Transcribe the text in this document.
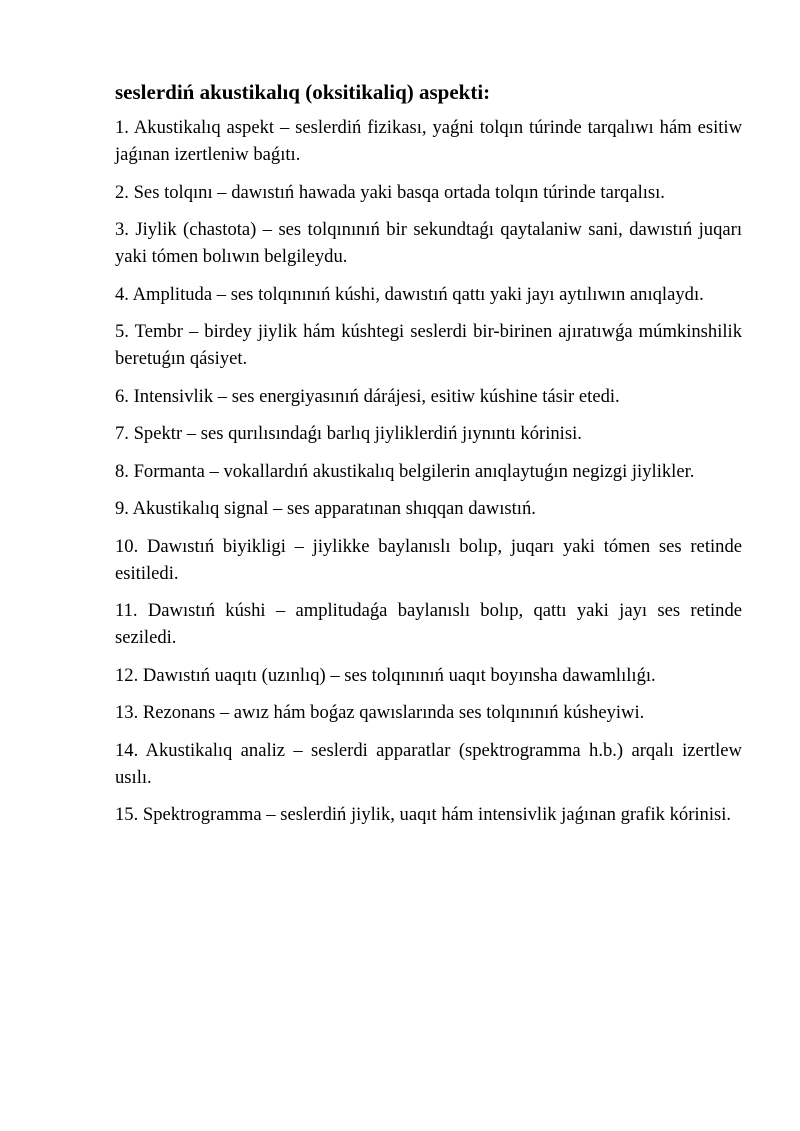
seslerdiń akustikalıq (oksitikaliq) aspekti:
1. Akustikalıq aspekt – seslerdiń fizikası, yaǵni tolqın túrinde tarqalıwı hám esitiw jaǵınan izertleniw baǵıtı.
2. Ses tolqını – dawıstıń hawada yaki basqa ortada tolqın túrinde tarqalısı.
3. Jiylik (chastota) – ses tolqınınıń bir sekundtaǵı qaytalaniw sani, dawıstıń juqarı yaki tómen bolıwın belgileydu.
4. Amplituda – ses tolqınınıń kúshi, dawıstıń qattı yaki jayı aytılıwın anıqlaydı.
5. Tembr – birdey jiylik hám kúshtegi seslerdi bir-birinen ajıratıwǵa múmkinshilik beretuǵın qásiyet.
6. Intensivlik – ses energiyasınıń dárájesi, esitiw kúshine tásir etedi.
7. Spektr – ses qurılısındaǵı barlıq jiyliklerdiń jıynıntı kórinisi.
8. Formanta – vokallardıń akustikalıq belgilerin anıqlaytuǵın negizgi jiylikler.
9. Akustikalıq signal – ses apparatınan shıqqan dawıstıń.
10. Dawıstıń biyikligi – jiylikke baylanıslı bolıp, juqarı yaki tómen ses retinde esitiledi.
11. Dawıstıń kúshi – amplitudaǵa baylanıslı bolıp, qattı yaki jayı ses retinde seziledi.
12. Dawıstıń uaqıtı (uzınlıq) – ses tolqınınıń uaqıt boyınsha dawamlılıǵı.
13. Rezonans – awız hám boǵaz qawıslarında ses tolqınınıń kúsheyiwi.
14. Akustikalıq analiz – seslerdi apparatlar (spektrogramma h.b.) arqalı izertlew usılı.
15. Spektrogramma – seslerdiń jiylik, uaqıt hám intensivlik jaǵınan grafik kórinisi.
